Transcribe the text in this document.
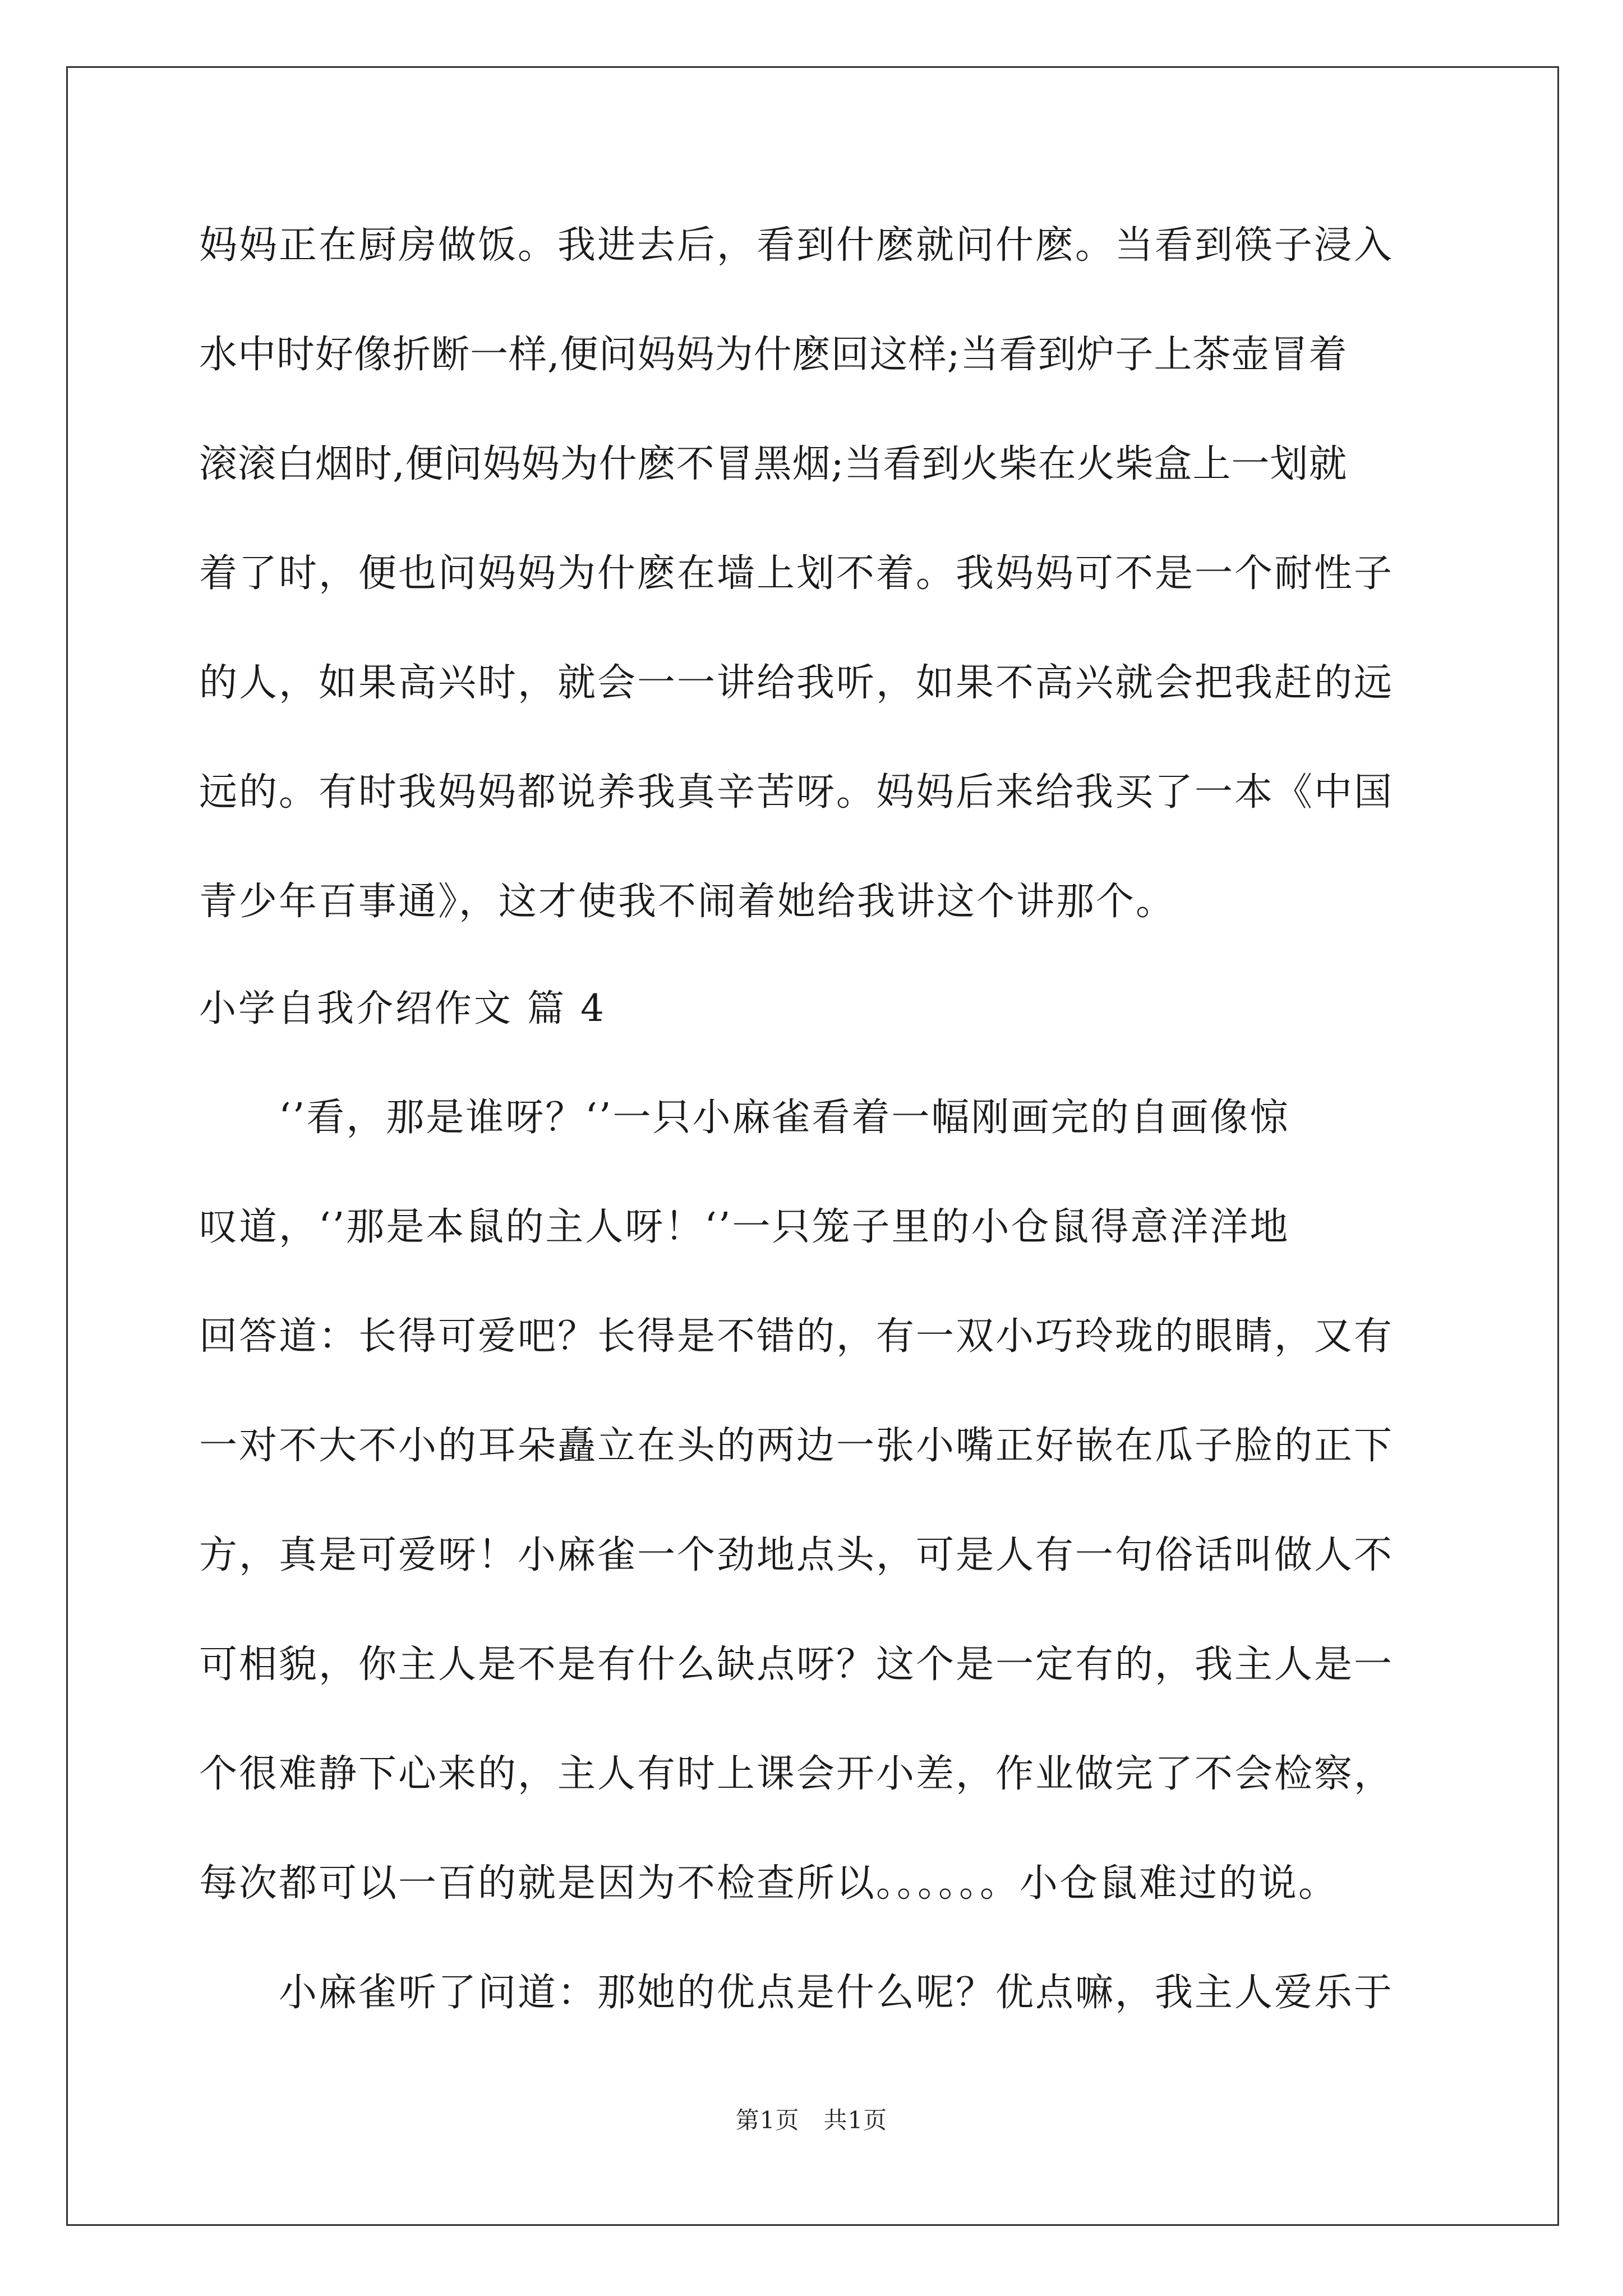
妈妈正在厨房做饭。我进去后，看到什麽就问什麽。当看到筷子浸入
水中时好像折断一样,便问妈妈为什麽回这样;当看到炉子上茶壶冒着
滚滚白烟时,便问妈妈为什麽不冒黑烟;当看到火柴在火柴盒上一划就
着了时，便也问妈妈为什麽在墙上划不着。我妈妈可不是一个耐性子
的人，如果高兴时，就会一一讲给我听，如果不高兴就会把我赶的远
远的。有时我妈妈都说养我真辛苦呀。妈妈后来给我买了一本《中国
青少年百事通》，这才使我不闹着她给我讲这个讲那个。
小学自我介绍作文 篇 4
　　‘’看，那是谁呀？‘’一只小麻雀看着一幅刚画完的自画像惊
叹道，‘’那是本鼠的主人呀！‘’一只笼子里的小仓鼠得意洋洋地
回答道：长得可爱吧？长得是不错的，有一双小巧玲珑的眼睛，又有
一对不大不小的耳朵矗立在头的两边一张小嘴正好嵌在瓜子脸的正下
方，真是可爱呀！小麻雀一个劲地点头，可是人有一句俗话叫做人不
可相貌，你主人是不是有什么缺点呀？这个是一定有的，我主人是一
个很难静下心来的，主人有时上课会开小差，作业做完了不会检察，
每次都可以一百的就是因为不检查所以。。。。。。小仓鼠难过的说。
　　小麻雀听了问道：那她的优点是什么呢？优点嘛，我主人爱乐于
第1页　共1页
